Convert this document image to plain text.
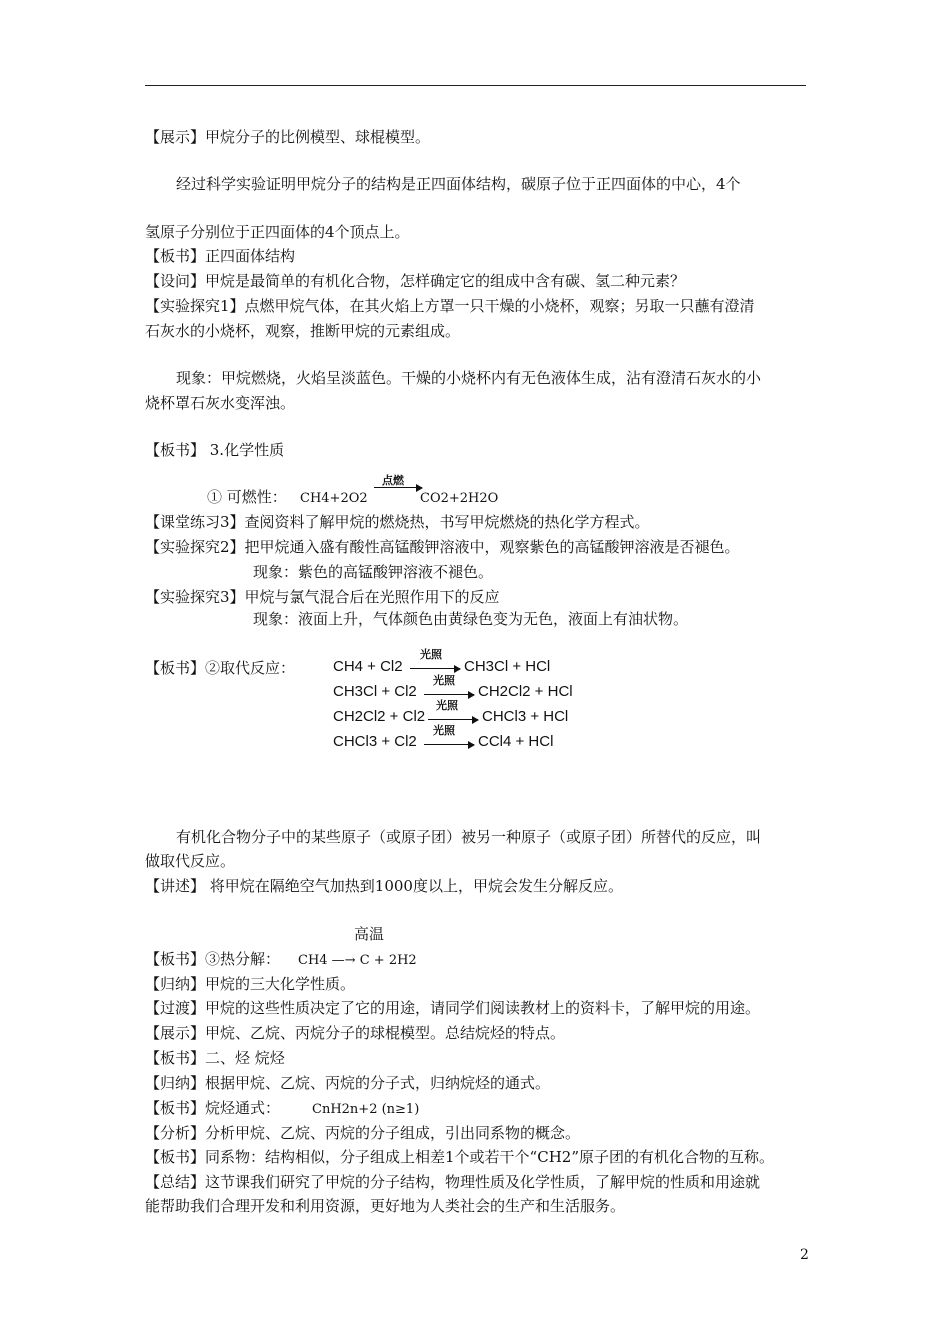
【展示】甲烷分子的比例模型、球棍模型。
经过科学实验证明甲烷分子的结构是正四面体结构，碳原子位于正四面体的中心，4个
氢原子分别位于正四面体的4个顶点上。
【板书】正四面体结构
【设问】甲烷是最简单的有机化合物，怎样确定它的组成中含有碳、氢二种元素？
【实验探究1】点燃甲烷气体，在其火焰上方罩一只干燥的小烧杯，观察；另取一只蘸有澄清
石灰水的小烧杯，观察，推断甲烷的元素组成。
现象：甲烷燃烧，火焰呈淡蓝色。干燥的小烧杯内有无色液体生成，沾有澄清石灰水的小
烧杯罩石灰水变浑浊。
【板书】 3.化学性质
① 可燃性： CH4+2O2
点燃
CO2+2H2O
【课堂练习3】查阅资料了解甲烷的燃烧热，书写甲烷燃烧的热化学方程式。
【实验探究2】把甲烷通入盛有酸性高锰酸钾溶液中，观察紫色的高锰酸钾溶液是否褪色。
现象：紫色的高锰酸钾溶液不褪色。
【实验探究3】甲烷与氯气混合后在光照作用下的反应
现象：液面上升，气体颜色由黄绿色变为无色，液面上有油状物。
【板书】②取代反应：	CH4 + Cl2
光照
→ CH3Cl + HCl
CH3Cl + Cl2
光照
→ CH2Cl2 + HCl
CH2Cl2 + Cl2
光照
→ CHCl3 + HCl
CHCl3 + Cl2
光照
→ CCl4 + HCl
有机化合物分子中的某些原子（或原子团）被另一种原子（或原子团）所替代的反应，叫
做取代反应。
【讲述】 将甲烷在隔绝空气加热到1000度以上，甲烷会发生分解反应。
高温
【板书】③热分解： CH4 —→ C + 2H2
【归纳】甲烷的三大化学性质。
【过渡】甲烷的这些性质决定了它的用途，请同学们阅读教材上的资料卡，了解甲烷的用途。
【展示】甲烷、乙烷、丙烷分子的球棍模型。总结烷烃的特点。
【板书】二、烃 烷烃
【归纳】根据甲烷、乙烷、丙烷的分子式，归纳烷烃的通式。
【板书】烷烃通式： CnH2n+2 (n≥1)
【分析】分析甲烷、乙烷、丙烷的分子组成，引出同系物的概念。
【板书】同系物：结构相似，分子组成上相差1个或若干个“CH2”原子团的有机化合物的互称。
【总结】这节课我们研究了甲烷的分子结构，物理性质及化学性质，了解甲烷的性质和用途就
能帮助我们合理开发和利用资源，更好地为人类社会的生产和生活服务。
2
